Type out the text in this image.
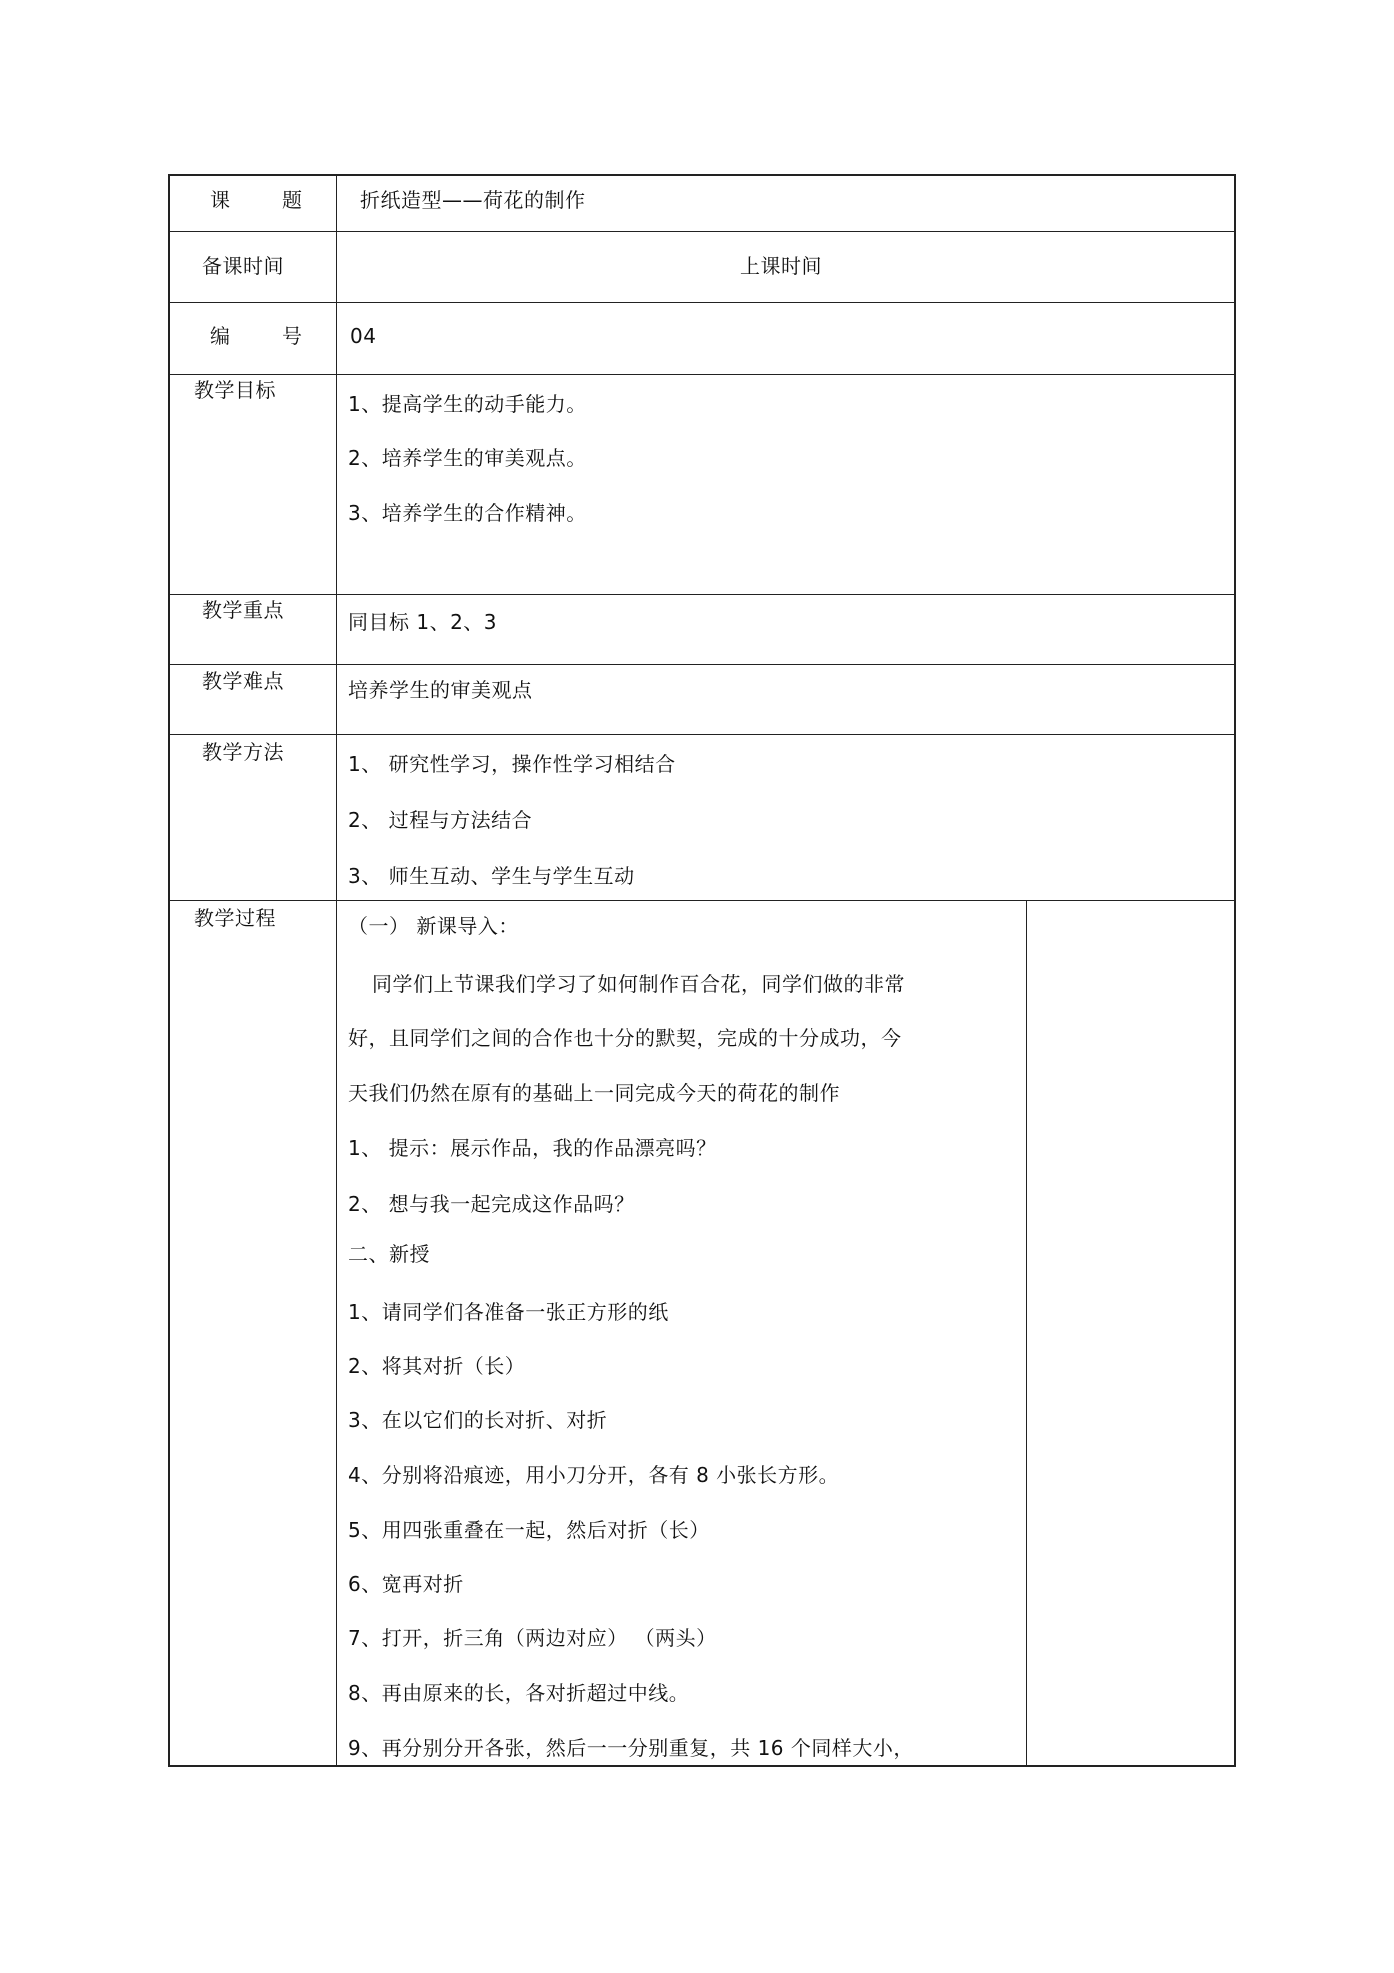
课	题	折纸造型——荷花的制作
备课时间	上课时间
编	号 04
教学目标
1、提高学生的动手能力。
2、培养学生的审美观点。
3、培养学生的合作精神。
教学重点	同目标 1、2、3
教学难点	培养学生的审美观点
教学方法	1、 研究性学习，操作性学习相结合
2、 过程与方法结合
3、 师生互动、学生与学生互动
教学过程	（一） 新课导入：
同学们上节课我们学习了如何制作百合花，同学们做的非常
好，且同学们之间的合作也十分的默契，完成的十分成功，今
天我们仍然在原有的基础上一同完成今天的荷花的制作
1、 提示：展示作品，我的作品漂亮吗？
2、 想与我一起完成这作品吗？
二、新授
1、请同学们各准备一张正方形的纸
2、将其对折（长）
3、在以它们的长对折、对折
4、分别将沿痕迹，用小刀分开，各有 8 小张长方形。
5、用四张重叠在一起，然后对折（长）
6、宽再对折
7、打开，折三角（两边对应） （两头）
8、再由原来的长，各对折超过中线。
9、再分别分开各张，然后一一分别重复，共 16 个同样大小，
